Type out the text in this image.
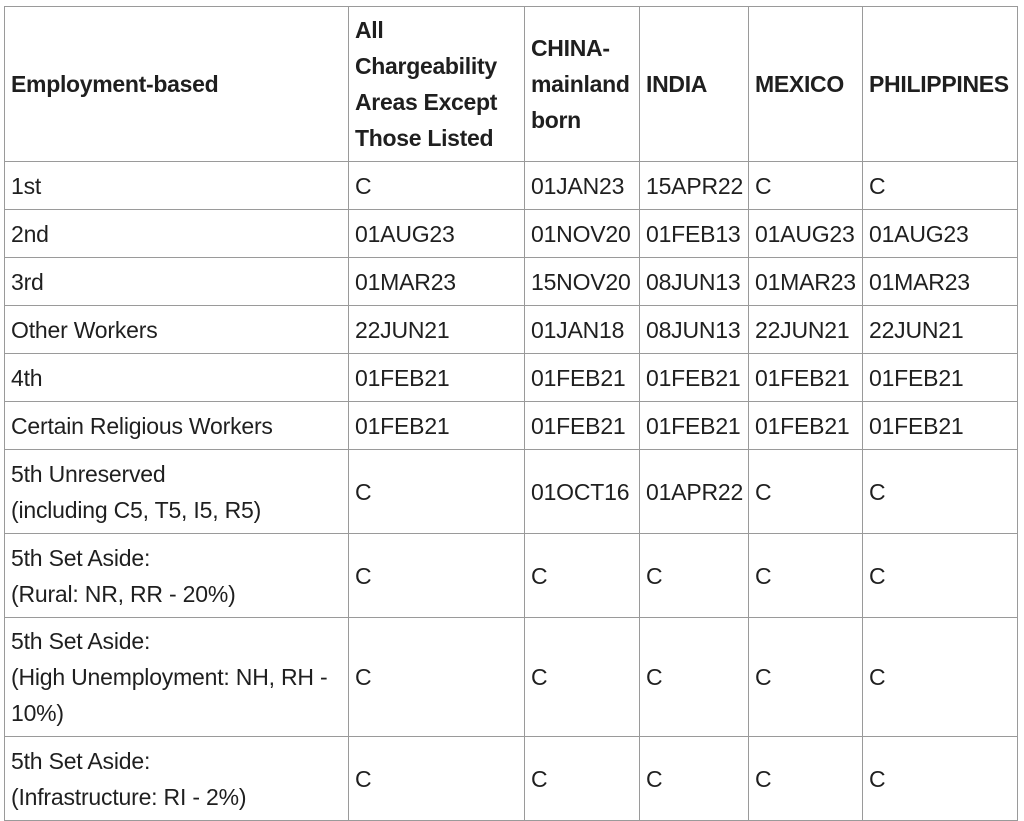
Employment-based	All Chargeability Areas Except Those Listed	CHINA-mainland born	INDIA	MEXICO	PHILIPPINES
1st	C	01JAN23	15APR22	C	C
2nd	01AUG23	01NOV20	01FEB13	01AUG23	01AUG23
3rd	01MAR23	15NOV20	08JUN13	01MAR23	01MAR23
Other Workers	22JUN21	01JAN18	08JUN13	22JUN21	22JUN21
4th	01FEB21	01FEB21	01FEB21	01FEB21	01FEB21
Certain Religious Workers	01FEB21	01FEB21	01FEB21	01FEB21	01FEB21
5th Unreserved
(including C5, T5, I5, R5)	C	01OCT16	01APR22	C	C
5th Set Aside:
(Rural: NR, RR - 20%)	C	C	C	C	C
5th Set Aside:
(High Unemployment: NH, RH - 10%)	C	C	C	C	C
5th Set Aside:
(Infrastructure: RI - 2%)	C	C	C	C	C
